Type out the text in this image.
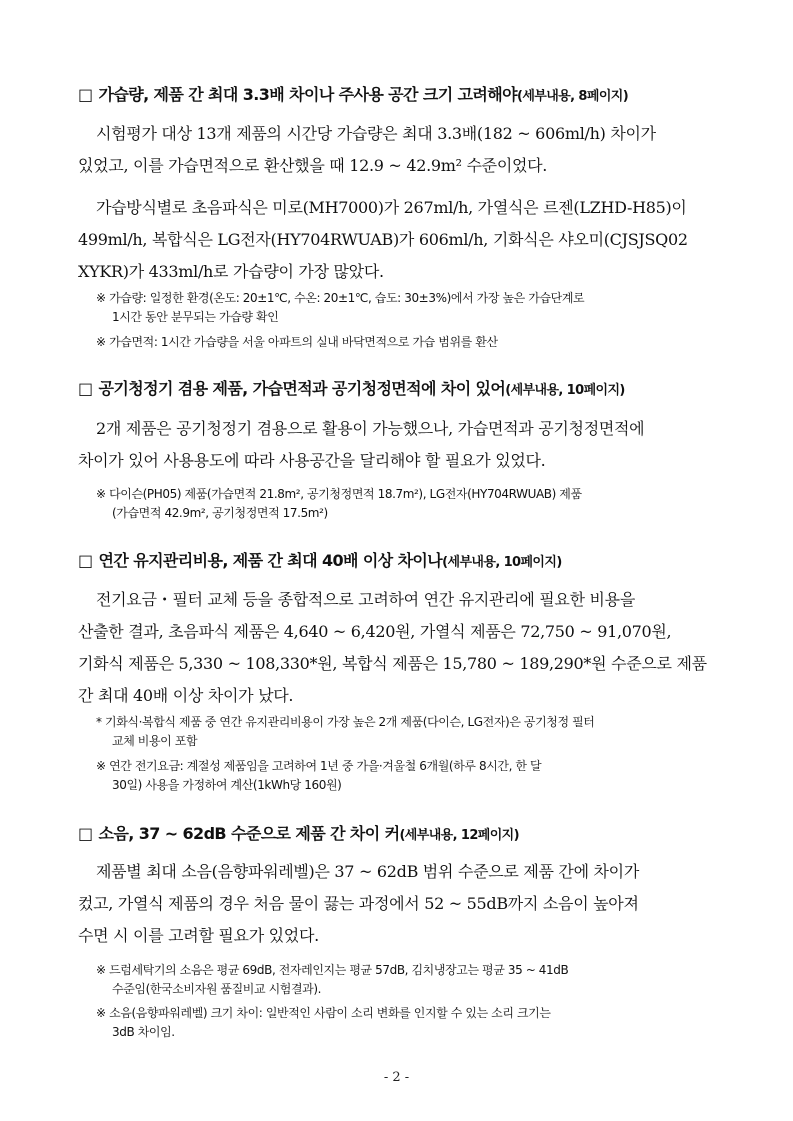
□ 가습량, 제품 간 최대 3.3배 차이나 주사용 공간 크기 고려해야(세부내용, 8페이지)
시험평가 대상 13개 제품의 시간당 가습량은 최대 3.3배(182 ~ 606ml/h) 차이가
있었고, 이를 가습면적으로 환산했을 때 12.9 ~ 42.9m² 수준이었다.
가습방식별로 초음파식은 미로(MH7000)가 267ml/h, 가열식은 르젠(LZHD-H85)이
499ml/h, 복합식은 LG전자(HY704RWUAB)가 606ml/h, 기화식은 샤오미(CJSJSQ02
XYKR)가 433ml/h로 가습량이 가장 많았다.
※ 가습량: 일정한 환경(온도: 20±1℃, 수온: 20±1℃, 습도: 30±3%)에서 가장 높은 가습단계로
1시간 동안 분무되는 가습량 확인
※ 가습면적: 1시간 가습량을 서울 아파트의 실내 바닥면적으로 가습 범위를 환산
□ 공기청정기 겸용 제품, 가습면적과 공기청정면적에 차이 있어(세부내용, 10페이지)
2개 제품은 공기청정기 겸용으로 활용이 가능했으나, 가습면적과 공기청정면적에
차이가 있어 사용용도에 따라 사용공간을 달리해야 할 필요가 있었다.
※ 다이슨(PH05) 제품(가습면적 21.8m², 공기청정면적 18.7m²), LG전자(HY704RWUAB) 제품
(가습면적 42.9m², 공기청정면적 17.5m²)
□ 연간 유지관리비용, 제품 간 최대 40배 이상 차이나(세부내용, 10페이지)
전기요금・필터 교체 등을 종합적으로 고려하여 연간 유지관리에 필요한 비용을
산출한 결과, 초음파식 제품은 4,640 ~ 6,420원, 가열식 제품은 72,750 ~ 91,070원,
기화식 제품은 5,330 ~ 108,330*원, 복합식 제품은 15,780 ~ 189,290*원 수준으로 제품
간 최대 40배 이상 차이가 났다.
* 기화식·복합식 제품 중 연간 유지관리비용이 가장 높은 2개 제품(다이슨, LG전자)은 공기청정 필터
교체 비용이 포함
※ 연간 전기요금: 계절성 제품임을 고려하여 1년 중 가을·겨울철 6개월(하루 8시간, 한 달
30일) 사용을 가정하여 계산(1kWh당 160원)
□ 소음, 37 ~ 62dB 수준으로 제품 간 차이 커(세부내용, 12페이지)
제품별 최대 소음(음향파워레벨)은 37 ~ 62dB 범위 수준으로 제품 간에 차이가
컸고, 가열식 제품의 경우 처음 물이 끓는 과정에서 52 ~ 55dB까지 소음이 높아져
수면 시 이를 고려할 필요가 있었다.
※ 드럼세탁기의 소음은 평균 69dB, 전자레인지는 평균 57dB, 김치냉장고는 평균 35 ~ 41dB
수준임(한국소비자원 품질비교 시험결과).
※ 소음(음향파워레벨) 크기 차이: 일반적인 사람이 소리 변화를 인지할 수 있는 소리 크기는
3dB 차이임.
- 2 -
